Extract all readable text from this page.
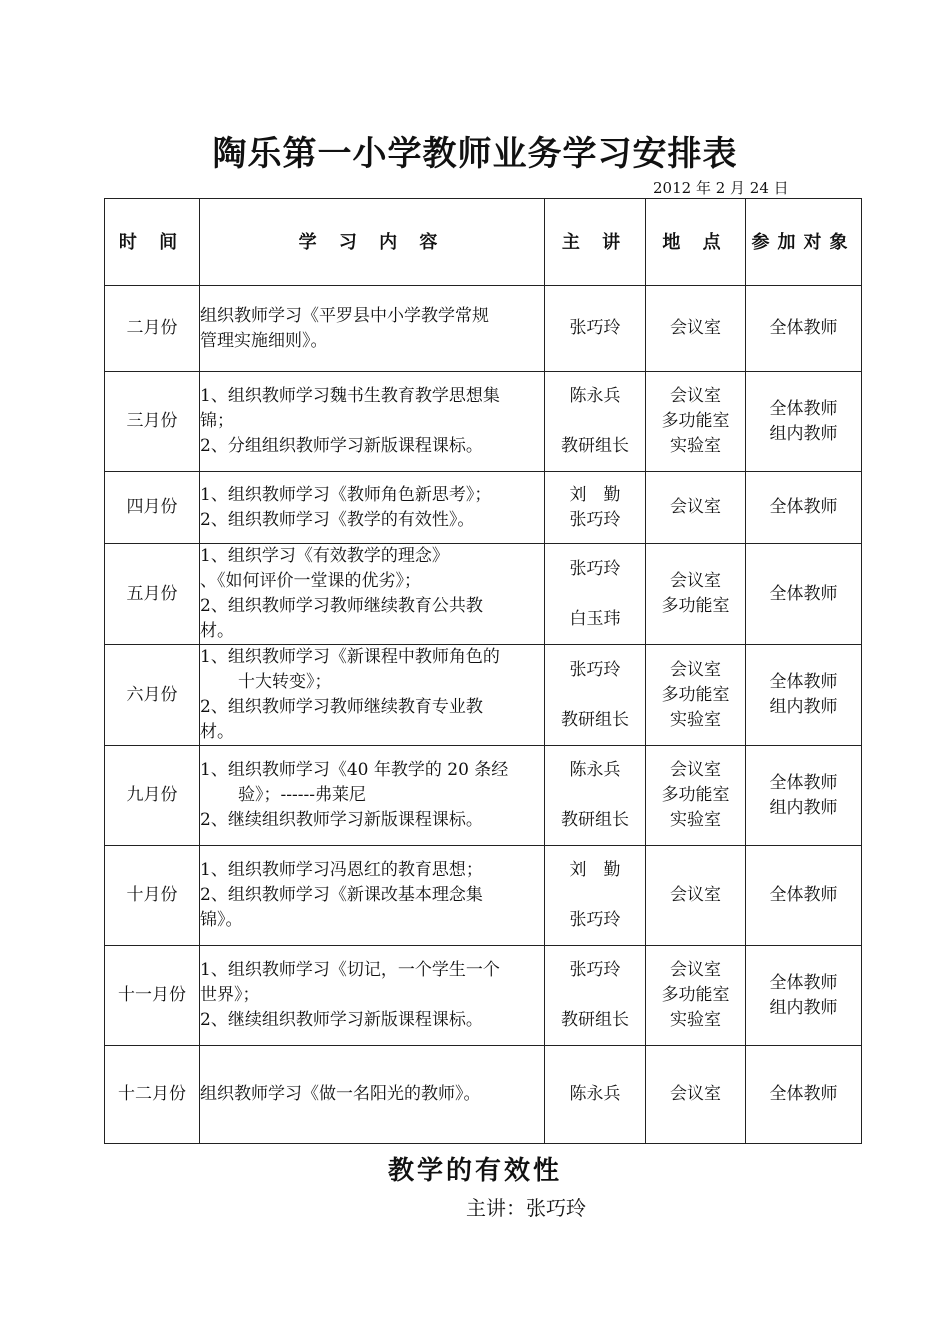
陶乐第一小学教师业务学习安排表
2012 年 2 月 24 日
时 间	学 习 内 容	主 讲	地 点	参加对象
二月份	组织教师学习《平罗县中小学教学常规
管理实施细则》。	张巧玲	会议室	全体教师

三月份	1、组织教师学习魏书生教育教学思想集
锦；
2、分组组织教师学习新版课程课标。	陈永兵
教研组长	会议室
多功能室
实验室	全体教师
组内教师

四月份	1、组织教师学习《教师角色新思考》；
2、组织教师学习《教学的有效性》。	刘　勤
张巧玲	会议室	全体教师

五月份	1、组织学习《有效教学的理念》
、《如何评价一堂课的优劣》；
2、组织教师学习教师继续教育公共教
材。	张巧玲
白玉玮	会议室
多功能室	全体教师

六月份	1、组织教师学习《新课程中教师角色的
十大转变》；
2、组织教师学习教师继续教育专业教
材。	张巧玲
教研组长	会议室
多功能室
实验室	全体教师
组内教师

九月份	1、组织教师学习《40 年教学的 20 条经
验》；------弗莱尼
2、继续组织教师学习新版课程课标。	陈永兵
教研组长	会议室
多功能室
实验室	全体教师
组内教师

十月份	1、组织教师学习冯恩红的教育思想；
2、组织教师学习《新课改基本理念集
锦》。	刘　勤
张巧玲	会议室	全体教师

十一月份	1、组织教师学习《切记，一个学生一个
世界》；
2、继续组织教师学习新版课程课标。	张巧玲
教研组长	会议室
多功能室
实验室	全体教师
组内教师

十二月份	组织教师学习《做一名阳光的教师》。	陈永兵	会议室	全体教师
教学的有效性
主讲：张巧玲
